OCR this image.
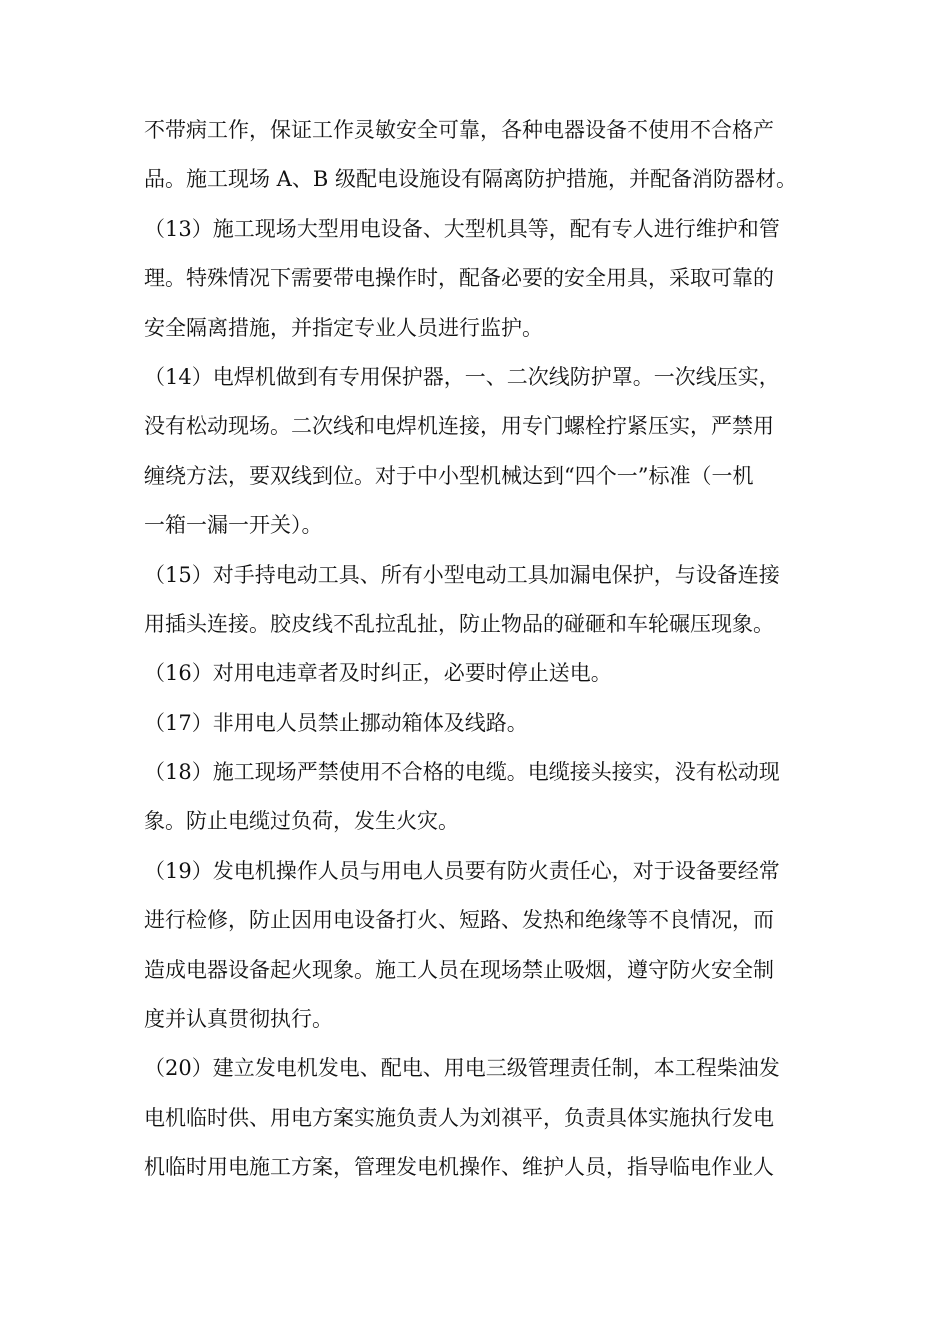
不带病工作，保证工作灵敏安全可靠，各种电器设备不使用不合格产
品。施工现场 A、B 级配电设施设有隔离防护措施，并配备消防器材。
（13）施工现场大型用电设备、大型机具等，配有专人进行维护和管
理。特殊情况下需要带电操作时，配备必要的安全用具，采取可靠的
安全隔离措施，并指定专业人员进行监护。
（14）电焊机做到有专用保护器，一、二次线防护罩。一次线压实，
没有松动现场。二次线和电焊机连接，用专门螺栓拧紧压实，严禁用
缠绕方法，要双线到位。对于中小型机械达到“四个一”标准（一机
一箱一漏一开关）。
（15）对手持电动工具、所有小型电动工具加漏电保护，与设备连接
用插头连接。胶皮线不乱拉乱扯，防止物品的碰砸和车轮碾压现象。
（16）对用电违章者及时纠正，必要时停止送电。
（17）非用电人员禁止挪动箱体及线路。
（18）施工现场严禁使用不合格的电缆。电缆接头接实，没有松动现
象。防止电缆过负荷，发生火灾。
（19）发电机操作人员与用电人员要有防火责任心，对于设备要经常
进行检修，防止因用电设备打火、短路、发热和绝缘等不良情况，而
造成电器设备起火现象。施工人员在现场禁止吸烟，遵守防火安全制
度并认真贯彻执行。
（20）建立发电机发电、配电、用电三级管理责任制，本工程柴油发
电机临时供、用电方案实施负责人为刘祺平，负责具体实施执行发电
机临时用电施工方案，管理发电机操作、维护人员，指导临电作业人
